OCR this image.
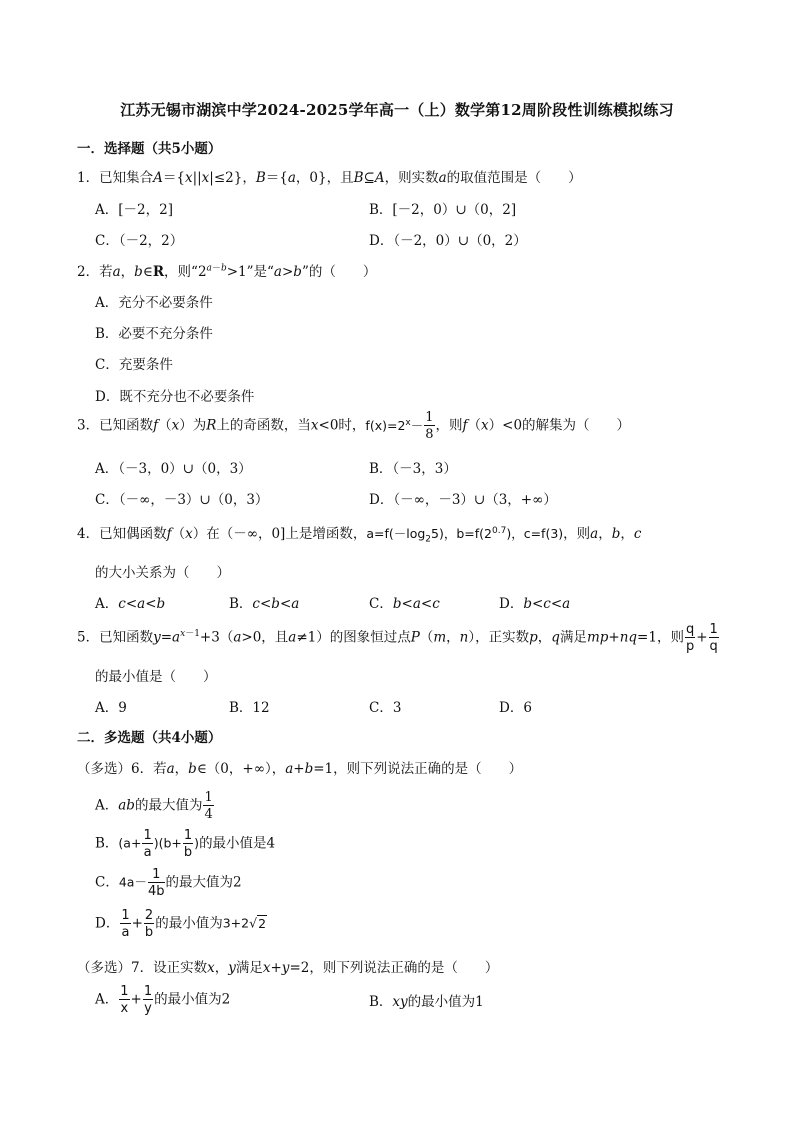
江苏无锡市湖滨中学2024-2025学年高一（上）数学第12周阶段性训练模拟练习
一．选择题（共5小题）
1．已知集合A＝{x||x|≤2}，B＝{a，0}，且B⊆A，则实数a的取值范围是（　　）
A．[－2，2]	B．[－2，0）∪（0，2]
C．（－2，2）	D．（－2，0）∪（0，2）
2．若a，b∈R，则“$2^{a-b}>1$”是“a>b”的（　　）
A．充分不必要条件
B．必要不充分条件
C．充要条件
D．既不充分也不必要条件
3．已知函数f（x）为R上的奇函数，当x<0时，$f(x)=2^x- \frac{1}{8}$ ，则f（x）<0的解集为（　　）
A．（－3，0）∪（0，3）	B．（－3，3）
C．（－∞，－3）∪（0，3）	D．（－∞，－3）∪（3，+∞）
4．已知偶函数f（x）在（－∞，0]上是增函数，$a=f(-\log_25)$，$b=f(2^{0.7})$，c=f(3)，则a，b，c
的大小关系为（　　）
A．c<a<b	B．c<b<a	C．b<a<c	D．b<c<a
5．已知函数$y=a^{x-1}+3(a>0$，且a≠1）的图象恒过点P（m，n），正实数p，q满足mp+nq=1，则 $\frac{q}{p} + \frac{1}{q}$
的最小值是（　　）
A．9	B．12	C．3	D．6
二．多选题（共4小题）
（多选）6．若a，b∈（0，+∞），a+b=1，则下列说法正确的是（　　）
A．ab的最大值为 $\frac{1}{4}$
B．$(a+ \frac{1}{a} )(b+ \frac{1}{b}$ )的最小值是4
C．$4a- \frac{1}{4b}$ 的最大值为2
D． $\frac{1}{a} + \frac{2}{b}$ 的最小值为3+2√2
（多选）7．设正实数x，y满足x+y=2，则下列说法正确的是（　　）
A． $\frac{1}{x} + \frac{1}{y}$ 的最小值为2	B．xy的最小值为1
